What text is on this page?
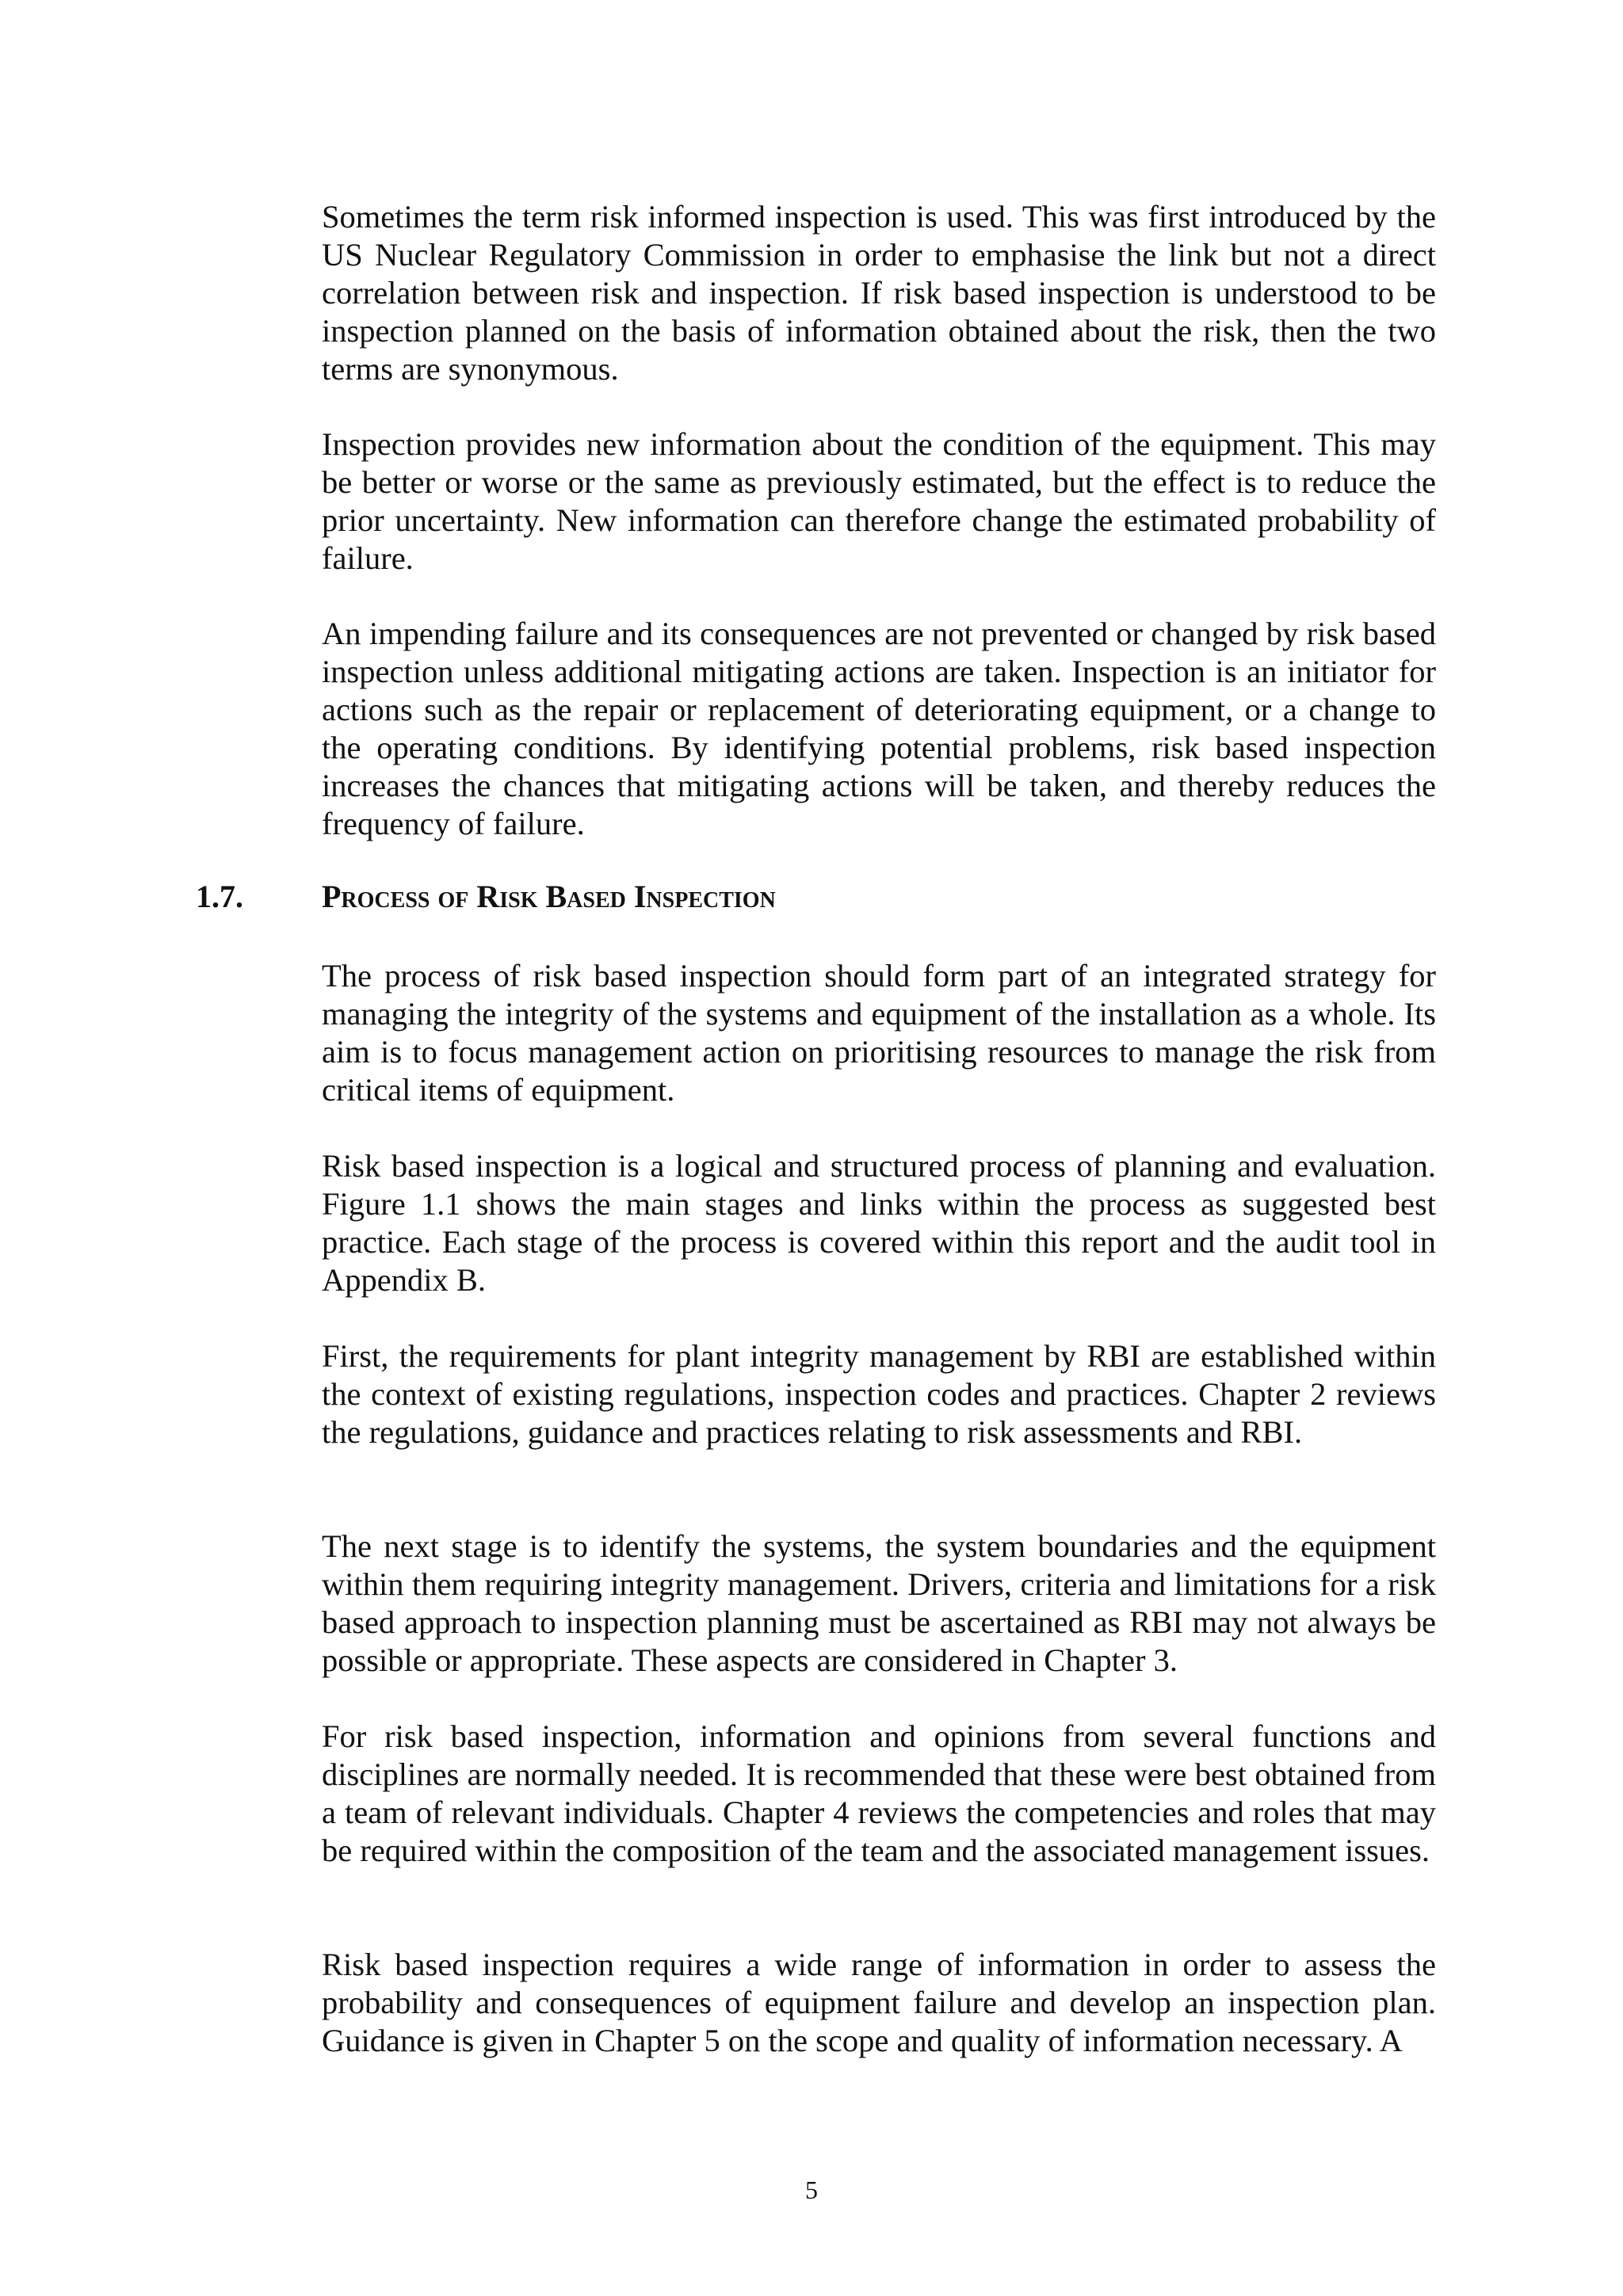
Sometimes the term risk informed inspection is used. This was first introduced by the US Nuclear Regulatory Commission in order to emphasise the link but not a direct correlation between risk and inspection. If risk based inspection is understood to be inspection planned on the basis of information obtained about the risk, then the two terms are synonymous.

Inspection provides new information about the condition of the equipment. This may be better or worse or the same as previously estimated, but the effect is to reduce the prior uncertainty. New information can therefore change the estimated probability of failure.

An impending failure and its consequences are not prevented or changed by risk based inspection unless additional mitigating actions are taken. Inspection is an initiator for actions such as the repair or replacement of deteriorating equipment, or a change to the operating conditions. By identifying potential problems, risk based inspection increases the chances that mitigating actions will be taken, and thereby reduces the frequency of failure.

1.7. Process of Risk Based Inspection

The process of risk based inspection should form part of an integrated strategy for managing the integrity of the systems and equipment of the installation as a whole. Its aim is to focus management action on prioritising resources to manage the risk from critical items of equipment.

Risk based inspection is a logical and structured process of planning and evaluation. Figure 1.1 shows the main stages and links within the process as suggested best practice. Each stage of the process is covered within this report and the audit tool in Appendix B.

First, the requirements for plant integrity management by RBI are established within the context of existing regulations, inspection codes and practices. Chapter 2 reviews the regulations, guidance and practices relating to risk assessments and RBI.

The next stage is to identify the systems, the system boundaries and the equipment within them requiring integrity management. Drivers, criteria and limitations for a risk based approach to inspection planning must be ascertained as RBI may not always be possible or appropriate. These aspects are considered in Chapter 3.

For risk based inspection, information and opinions from several functions and disciplines are normally needed. It is recommended that these were best obtained from a team of relevant individuals. Chapter 4 reviews the competencies and roles that may be required within the composition of the team and the associated management issues.

Risk based inspection requires a wide range of information in order to assess the probability and consequences of equipment failure and develop an inspection plan. Guidance is given in Chapter 5 on the scope and quality of information necessary. A

5
